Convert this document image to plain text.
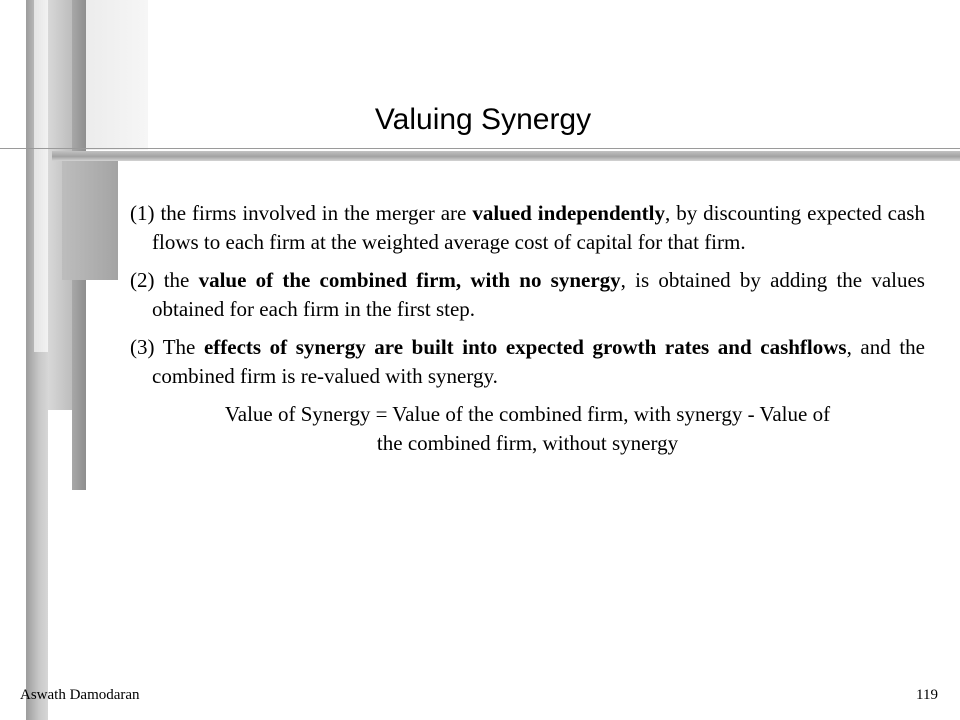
Valuing Synergy

(1) the firms involved in the merger are valued independently, by discounting expected cash flows to each firm at the weighted average cost of capital for that firm.

(2) the value of the combined firm, with no synergy, is obtained by adding the values obtained for each firm in the first step.

(3) The effects of synergy are built into expected growth rates and cashflows, and the combined firm is re-valued with synergy.

Value of Synergy = Value of the combined firm, with synergy - Value of
the combined firm, without synergy

Aswath Damodaran	119
